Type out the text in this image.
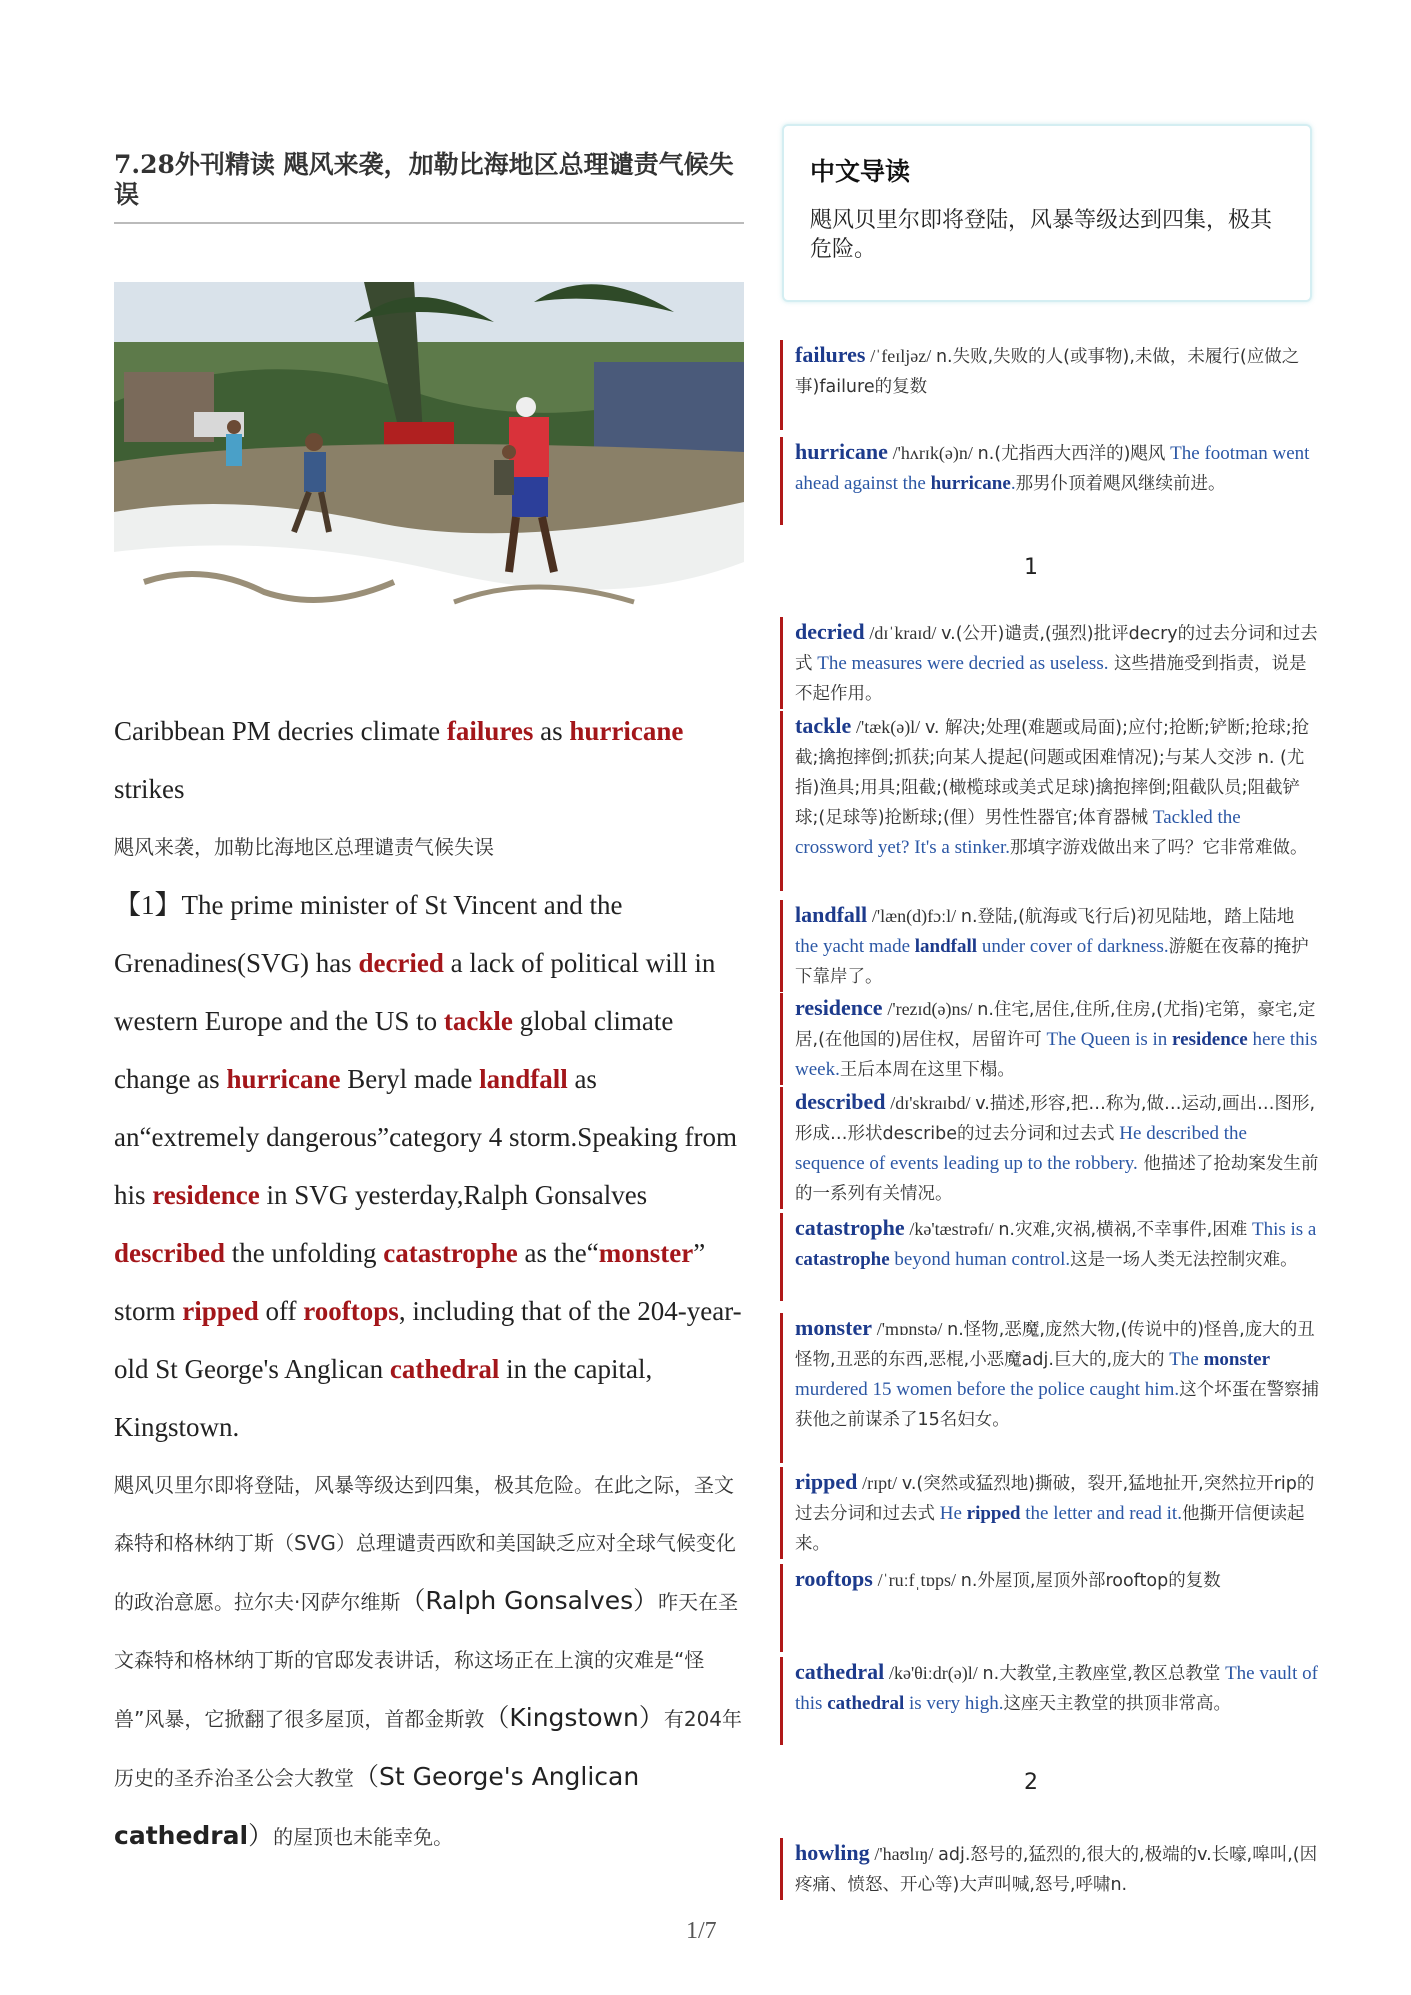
7.28外刊精读 飓风来袭，加勒比海地区总理谴责气候失误
Caribbean PM decries climate failures as hurricane strikes
飓风来袭，加勒比海地区总理谴责气候失误
【1】The prime minister of St Vincent and the Grenadines(SVG) has decried a lack of political will in western Europe and the US to tackle global climate change as hurricane Beryl made landfall as an“extremely dangerous”category 4 storm.Speaking from his residence in SVG yesterday,Ralph Gonsalves described the unfolding catastrophe as the“monster” storm ripped off rooftops, including that of the 204-year-old St George's Anglican cathedral in the capital, Kingstown.
飓风贝里尔即将登陆，风暴等级达到四集，极其危险。在此之际，圣文森特和格林纳丁斯（SVG）总理谴责西欧和美国缺乏应对全球气候变化的政治意愿。拉尔夫·冈萨尔维斯（Ralph Gonsalves）昨天在圣文森特和格林纳丁斯的官邸发表讲话，称这场正在上演的灾难是“怪兽”风暴，它掀翻了很多屋顶，首都金斯敦（Kingstown）有204年历史的圣乔治圣公会大教堂（St George's Anglican cathedral）的屋顶也未能幸免。
1/7
中文导读
飓风贝里尔即将登陆，风暴等级达到四集，极其危险。
failures /ˈfeɪljəz/ n.失败,失败的人(或事物),未做，未履行(应做之事)failure的复数
hurricane /'hʌrɪk(ə)n/ n.(尤指西大西洋的)飓风 The footman went ahead against the hurricane.那男仆顶着飓风继续前进。
decried /dɪˈkraɪd/ v.(公开)谴责,(强烈)批评decry的过去分词和过去式 The measures were decried as useless. 这些措施受到指责，说是不起作用。
tackle /'tæk(ə)l/ v. 解决;处理(难题或局面);应付;抢断;铲断;抢球;抢截;擒抱摔倒;抓获;向某人提起(问题或困难情况);与某人交涉 n. (尤指)渔具;用具;阻截;(橄榄球或美式足球)擒抱摔倒;阻截队员;阻截铲球;(足球等)抢断球;(俚）男性性器官;体育器械 Tackled the crossword yet? It's a stinker.那填字游戏做出来了吗？它非常难做。
landfall /'læn(d)fɔːl/ n.登陆,(航海或飞行后)初见陆地，踏上陆地 the yacht made landfall under cover of darkness.游艇在夜幕的掩护下靠岸了。
residence /'rezɪd(ə)ns/ n.住宅,居住,住所,住房,(尤指)宅第，豪宅,定居,(在他国的)居住权，居留许可 The Queen is in residence here this week.王后本周在这里下榻。
described /dɪ'skraɪbd/ v.描述,形容,把…称为,做…运动,画出…图形,形成…形状describe的过去分词和过去式 He described the sequence of events leading up to the robbery. 他描述了抢劫案发生前的一系列有关情况。
catastrophe /kə'tæstrəfɪ/ n.灾难,灾祸,横祸,不幸事件,困难 This is a catastrophe beyond human control.这是一场人类无法控制灾难。
monster /'mɒnstə/ n.怪物,恶魔,庞然大物,(传说中的)怪兽,庞大的丑怪物,丑恶的东西,恶棍,小恶魔adj.巨大的,庞大的 The monster murdered 15 women before the police caught him.这个坏蛋在警察捕获他之前谋杀了15名妇女。
ripped /rɪpt/ v.(突然或猛烈地)撕破，裂开,猛地扯开,突然拉开rip的过去分词和过去式 He ripped the letter and read it.他撕开信便读起来。
rooftops /ˈruːfˌtɒps/ n.外屋顶,屋顶外部rooftop的复数
cathedral /kə'θiːdr(ə)l/ n.大教堂,主教座堂,教区总教堂 The vault of this cathedral is very high.这座天主教堂的拱顶非常高。
howling /'haʊlɪŋ/ adj.怒号的,猛烈的,很大的,极端的v.长嚎,嗥叫,(因疼痛、愤怒、开心等)大声叫喊,怒号,呼啸n.
1
2
